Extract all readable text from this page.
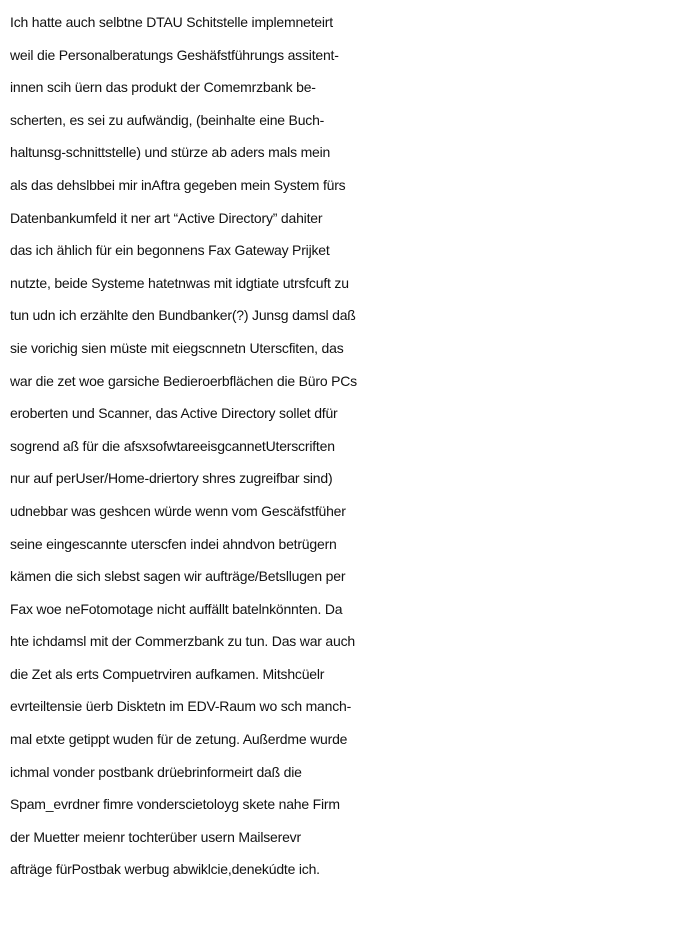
Ich hatte auch selbtne DTAU Schitstelle implemneteirt
weil die Personalberatungs Geshäfstführungs assitent-
innen scih üern das produkt der Comemrzbank be-
scherten, es sei zu aufwändig, (beinhalte eine Buch-
haltunsg-schnittstelle) und stürze ab aders mals mein
als das dehslbbei mir inAftra gegeben mein System fürs
Datenbankumfeld it ner art “Active Directory” dahiter
das ich ählich für ein begonnens Fax Gateway Prijket
nutzte, beide Systeme hatetnwas mit idgtiate utrsfcuft zu
tun udn ich erzählte den Bundbanker(?) Junsg damsl daß
sie vorichig sien müste mit eiegscnnetn Uterscfiten, das
war die zet woe garsiche Bedieroerbflächen die Büro PCs
eroberten und Scanner, das Active Directory sollet dfür
sogrend aß für die afsxsofwtareeisgcannetUterscriften
nur auf perUser/Home-driertory shres zugreifbar sind)
udnebbar was geshcen würde wenn vom Gescäfstfüher
seine eingescannte uterscfen indei ahndvon betrügern
kämen die sich slebst sagen wir aufträge/Betsllugen per
Fax woe neFotomotage nicht auffällt batelnkönnten. Da
hte ichdamsl mit der Commerzbank zu tun. Das war auch
die Zet als erts Compuetrviren aufkamen. Mitshcüelr
evrteiltensie üerb Disktetn im EDV-Raum wo sch manch-
mal etxte getippt wuden für de zetung. Außerdme wurde
ichmal vonder postbank drüebrinformeirt daß die
Spam_evrdner fimre vonderscietoloyg skete nahe Firm
der Muetter meienr tochterüber usern Mailserevr
afträge fürPostbak werbug abwiklcie,denekúdte ich.
